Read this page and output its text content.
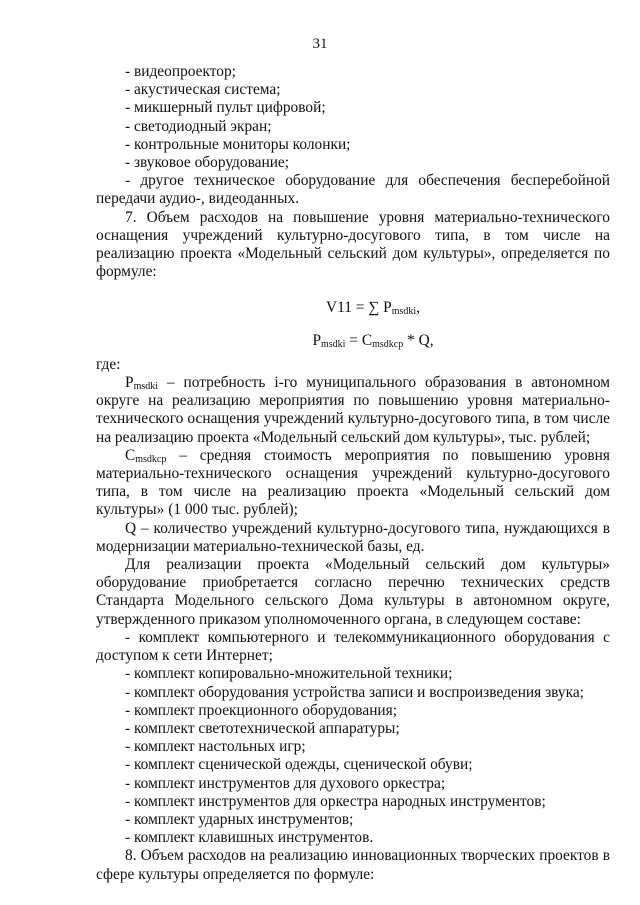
31

- видеопроектор;

- акустическая система;

- микшерный пульт цифровой;

- светодиодный экран;

- контрольные мониторы колонки;

- звуковое оборудование;

- другое техническое оборудование для обеспечения бесперебойной передачи аудио-, видеоданных.

7. Объем расходов на повышение уровня материально-технического оснащения учреждений культурно-досугового типа, в том числе на реализацию проекта «Модельный сельский дом культуры», определяется по формуле:

V11 = ∑ $P_{msdki}$,

$P_{msdki} = C_{msdkcp} * Q$,

где:

$P_{msdki}$ – потребность i-го муниципального образования в автономном округе на реализацию мероприятия по повышению уровня материально-технического оснащения учреждений культурно-досугового типа, в том числе на реализацию проекта «Модельный сельский дом культуры», тыс. рублей;

$C_{msdkcp}$ – средняя стоимость мероприятия по повышению уровня материально-технического оснащения учреждений культурно-досугового типа, в том числе на реализацию проекта «Модельный сельский дом культуры» (1 000 тыс. рублей);

Q – количество учреждений культурно-досугового типа, нуждающихся в модернизации материально-технической базы, ед.

Для реализации проекта «Модельный сельский дом культуры» оборудование приобретается согласно перечню технических средств Стандарта Модельного сельского Дома культуры в автономном округе, утвержденного приказом уполномоченного органа, в следующем составе:

- комплект компьютерного и телекоммуникационного оборудования с доступом к сети Интернет;

- комплект копировально-множительной техники;

- комплект оборудования устройства записи и воспроизведения звука;

- комплект проекционного оборудования;

- комплект светотехнической аппаратуры;

- комплект настольных игр;

- комплект сценической одежды, сценической обуви;

- комплект инструментов для духового оркестра;

- комплект инструментов для оркестра народных инструментов;

- комплект ударных инструментов;

- комплект клавишных инструментов.

8. Объем расходов на реализацию инновационных творческих проектов в сфере культуры определяется по формуле:
